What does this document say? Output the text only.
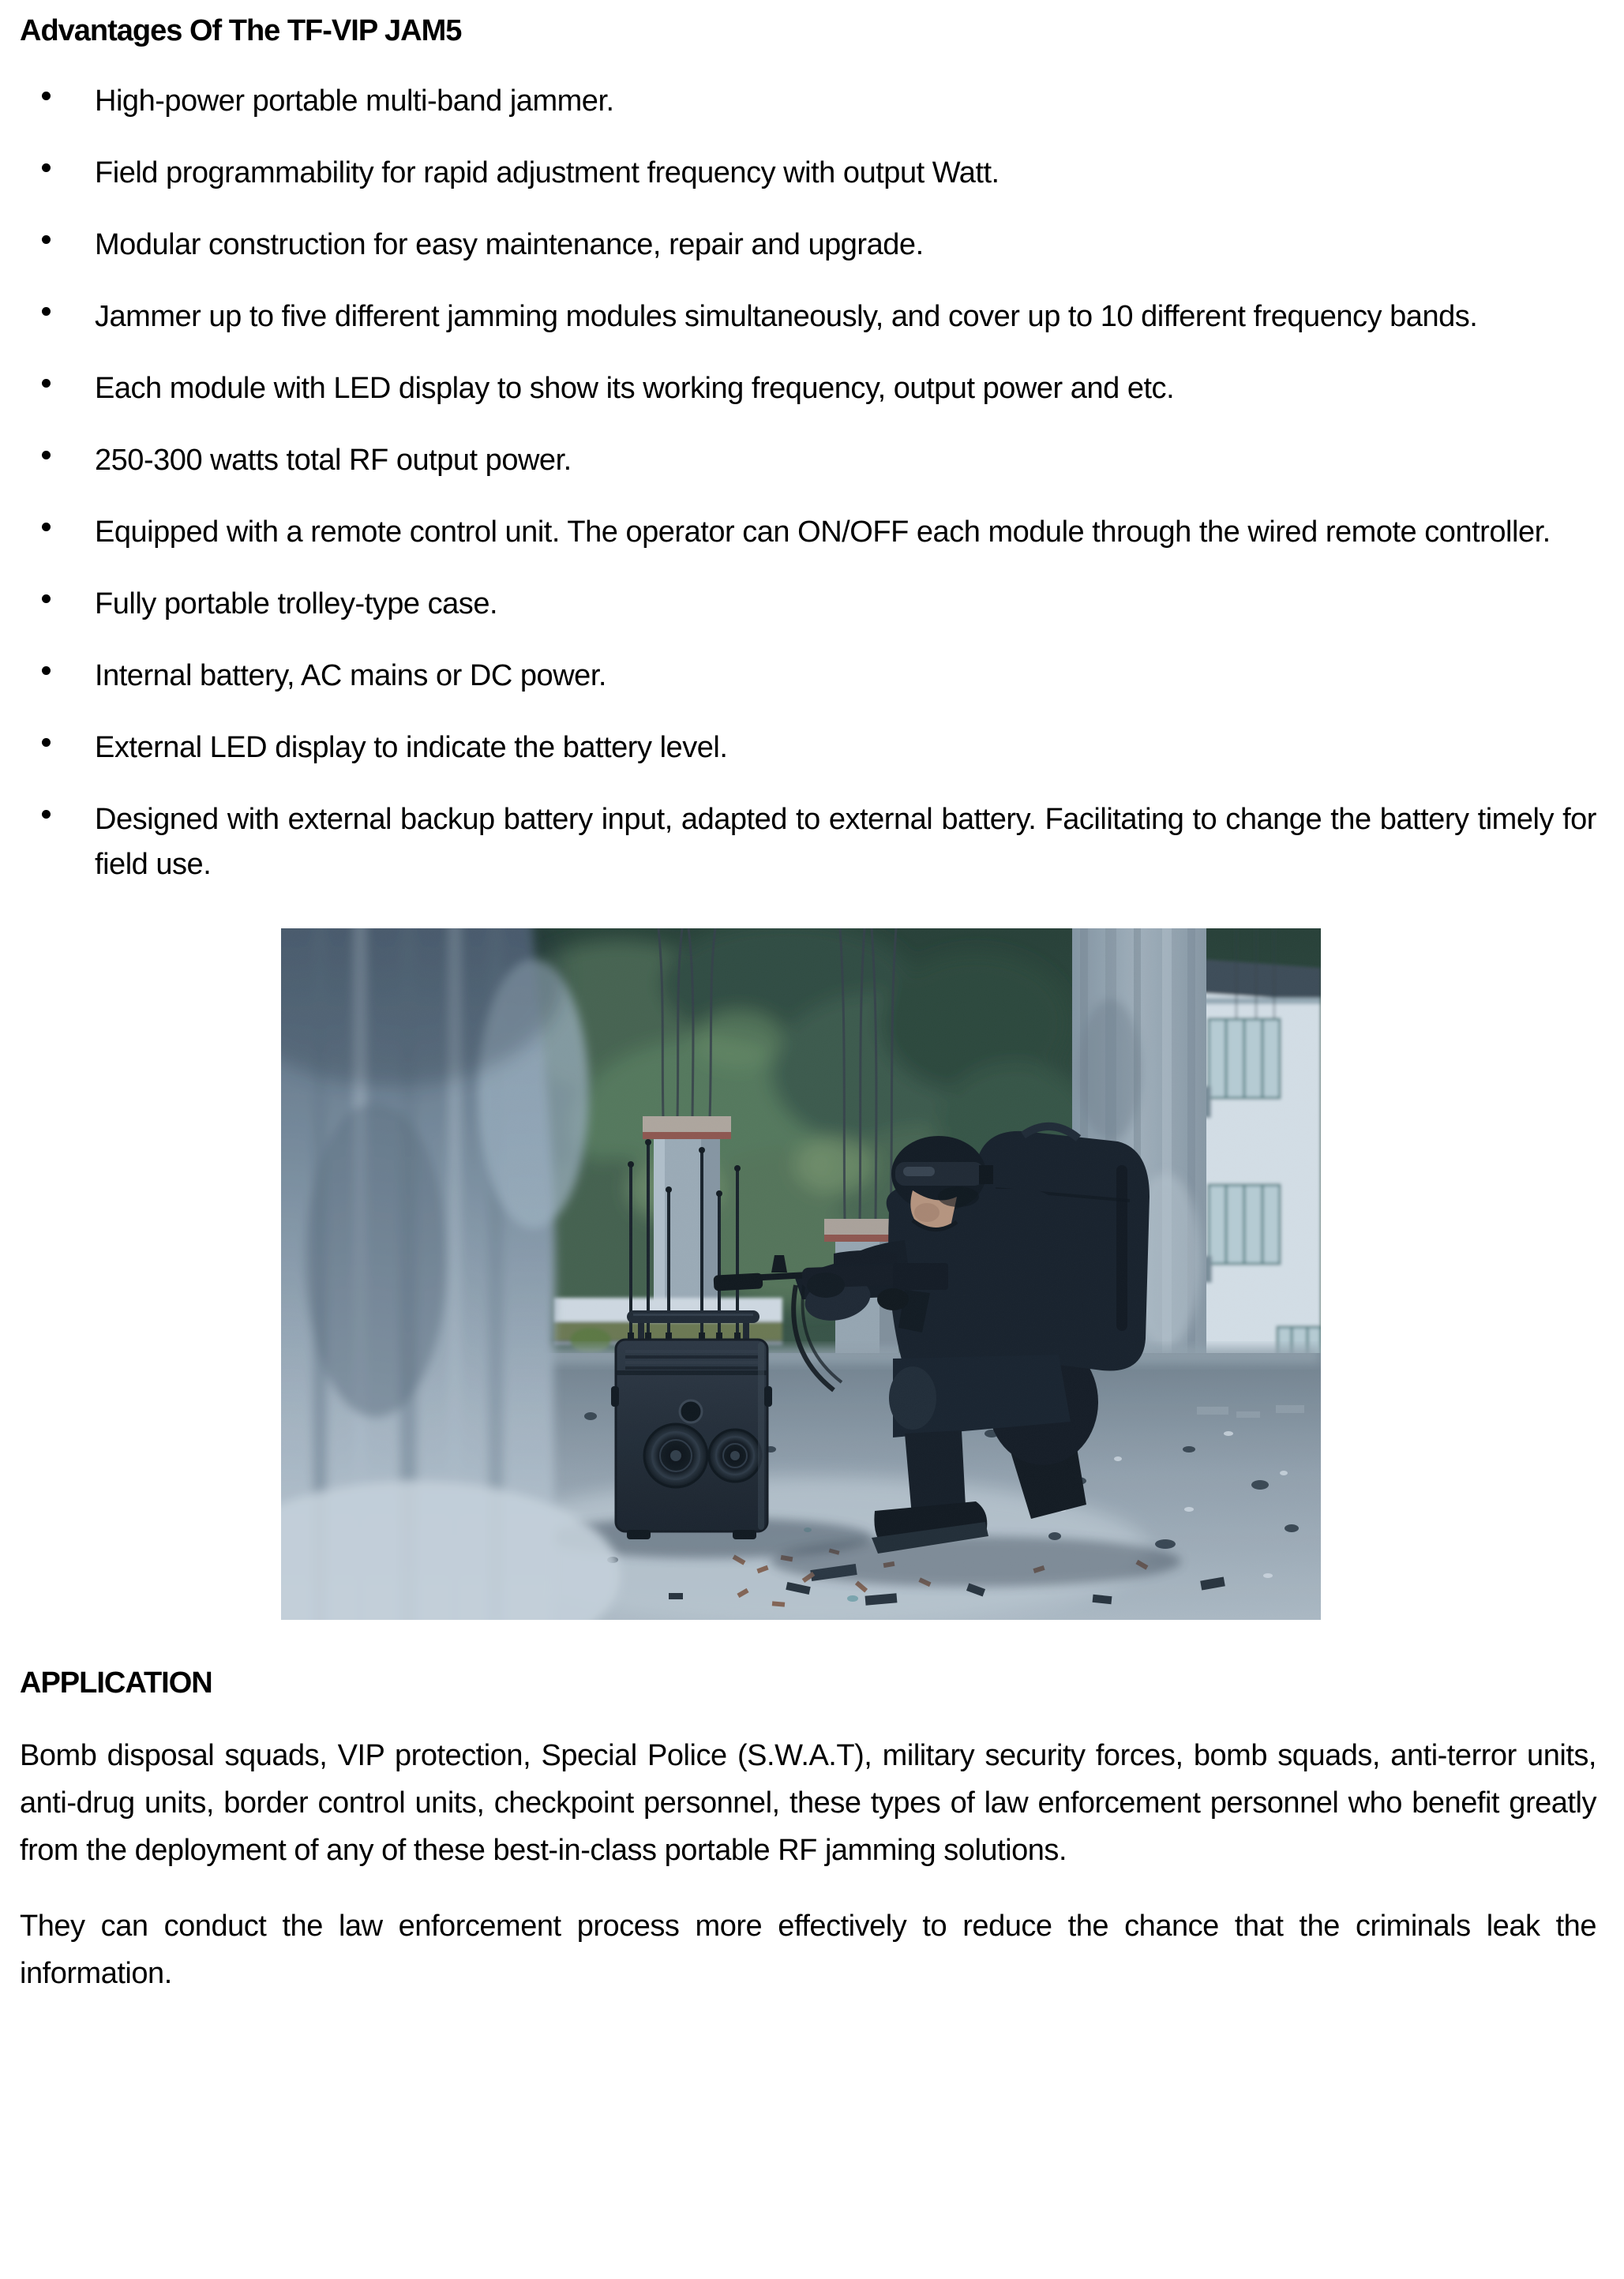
Advantages Of The TF-VIP JAM5
High-power portable multi-band jammer.
Field programmability for rapid adjustment frequency with output Watt.
Modular construction for easy maintenance, repair and upgrade.
Jammer up to five different jamming modules simultaneously, and cover up to 10 different frequency bands.
Each module with LED display to show its working frequency, output power and etc.
250-300 watts total RF output power.
Equipped with a remote control unit. The operator can ON/OFF each module through the wired remote controller.
Fully portable trolley-type case.
Internal battery, AC mains or DC power.
External LED display to indicate the battery level.
Designed with external backup battery input, adapted to external battery. Facilitating to change the battery timely for field use.
APPLICATION

Bomb disposal squads, VIP protection, Special Police (S.W.A.T), military security forces, bomb squads, anti-terror units, anti-drug units, border control units, checkpoint personnel, these types of law enforcement personnel who benefit greatly from the deployment of any of these best-in-class portable RF jamming solutions.

They can conduct the law enforcement process more effectively to reduce the chance that the criminals leak the information.
